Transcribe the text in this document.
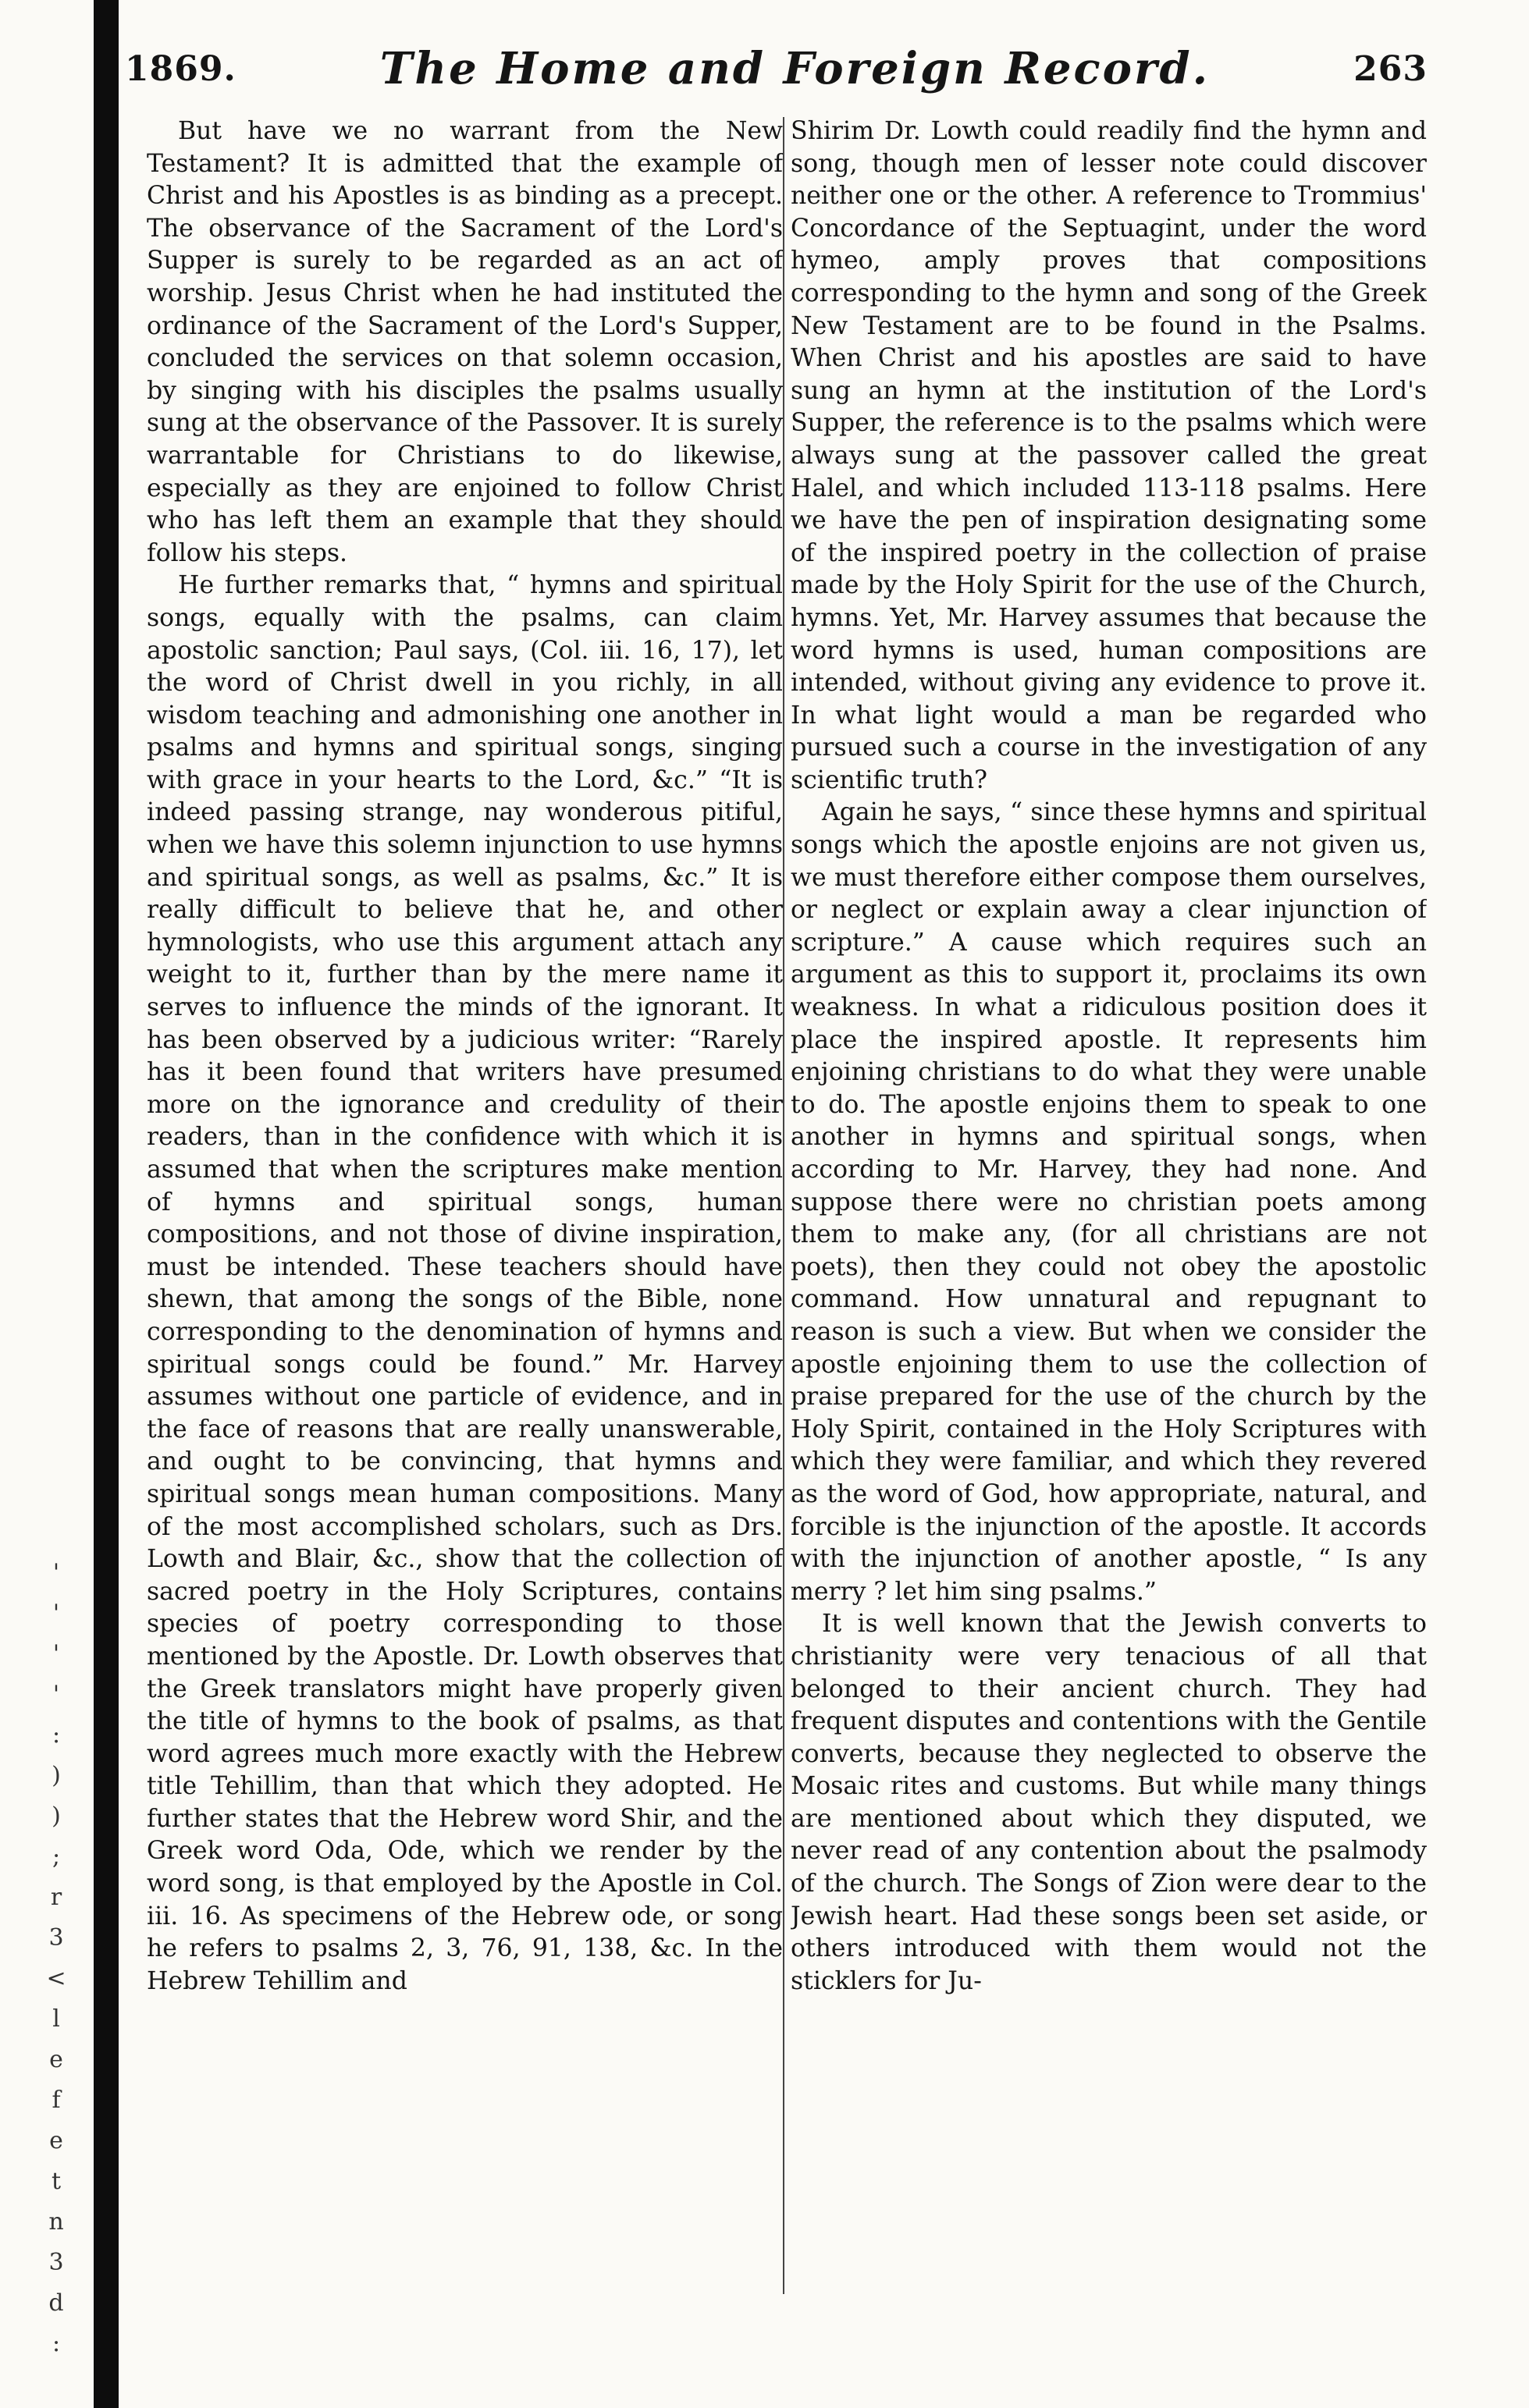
'
'
'
'
:
)
)
;
r
3
<
l
e
f
e
t
n
3
d
:
1869.	The Home and Foreign Record.	263

But have we no warrant from the New Testament? It is admitted that the example of Christ and his Apostles is as binding as a precept. The observance of the Sacrament of the Lord's Supper is surely to be regarded as an act of worship. Jesus Christ when he had instituted the ordinance of the Sacrament of the Lord's Supper, concluded the services on that solemn occasion, by singing with his disciples the psalms usually sung at the observance of the Passover. It is surely warrantable for Christians to do likewise, especially as they are enjoined to follow Christ who has left them an example that they should follow his steps.

He further remarks that, “ hymns and spiritual songs, equally with the psalms, can claim apostolic sanction; Paul says, (Col. iii. 16, 17), let the word of Christ dwell in you richly, in all wisdom teaching and admonishing one another in psalms and hymns and spiritual songs, singing with grace in your hearts to the Lord, &c.” “It is indeed passing strange, nay wonderous pitiful, when we have this solemn injunction to use hymns and spiritual songs, as well as psalms, &c.” It is really difficult to believe that he, and other hymnologists, who use this argument attach any weight to it, further than by the mere name it serves to influence the minds of the ignorant. It has been observed by a judicious writer: “Rarely has it been found that writers have presumed more on the ignorance and credulity of their readers, than in the confidence with which it is assumed that when the scriptures make mention of hymns and spiritual songs, human compositions, and not those of divine inspiration, must be intended. These teachers should have shewn, that among the songs of the Bible, none corresponding to the denomination of hymns and spiritual songs could be found.” Mr. Harvey assumes without one particle of evidence, and in the face of reasons that are really unanswerable, and ought to be convincing, that hymns and spiritual songs mean human compositions. Many of the most accomplished scholars, such as Drs. Lowth and Blair, &c., show that the collection of sacred poetry in the Holy Scriptures, contains species of poetry corresponding to those mentioned by the Apostle. Dr. Lowth observes that the Greek translators might have properly given the title of hymns to the book of psalms, as that word agrees much more exactly with the Hebrew title Tehillim, than that which they adopted. He further states that the Hebrew word Shir, and the Greek word Oda, Ode, which we render by the word song, is that employed by the Apostle in Col. iii. 16. As specimens of the Hebrew ode, or song he refers to psalms 2, 3, 76, 91, 138, &c. In the Hebrew Tehillim and

Shirim Dr. Lowth could readily find the hymn and song, though men of lesser note could discover neither one or the other. A reference to Trommius' Concordance of the Septuagint, under the word hymeo, amply proves that compositions corresponding to the hymn and song of the Greek New Testament are to be found in the Psalms. When Christ and his apostles are said to have sung an hymn at the institution of the Lord's Supper, the reference is to the psalms which were always sung at the passover called the great Halel, and which included 113-118 psalms. Here we have the pen of inspiration designating some of the inspired poetry in the collection of praise made by the Holy Spirit for the use of the Church, hymns. Yet, Mr. Harvey assumes that because the word hymns is used, human compositions are intended, without giving any evidence to prove it. In what light would a man be regarded who pursued such a course in the investigation of any scientific truth?

Again he says, “ since these hymns and spiritual songs which the apostle enjoins are not given us, we must therefore either compose them ourselves, or neglect or explain away a clear injunction of scripture.” A cause which requires such an argument as this to support it, proclaims its own weakness. In what a ridiculous position does it place the inspired apostle. It represents him enjoining christians to do what they were unable to do. The apostle enjoins them to speak to one another in hymns and spiritual songs, when according to Mr. Harvey, they had none. And suppose there were no christian poets among them to make any, (for all christians are not poets), then they could not obey the apostolic command. How unnatural and repugnant to reason is such a view. But when we consider the apostle enjoining them to use the collection of praise prepared for the use of the church by the Holy Spirit, contained in the Holy Scriptures with which they were familiar, and which they revered as the word of God, how appropriate, natural, and forcible is the injunction of the apostle. It accords with the injunction of another apostle, “ Is any merry ? let him sing psalms.”

It is well known that the Jewish converts to christianity were very tenacious of all that belonged to their ancient church. They had frequent disputes and contentions with the Gentile converts, because they neglected to observe the Mosaic rites and customs. But while many things are mentioned about which they disputed, we never read of any contention about the psalmody of the church. The Songs of Zion were dear to the Jewish heart. Had these songs been set aside, or others introduced with them would not the sticklers for Ju-
